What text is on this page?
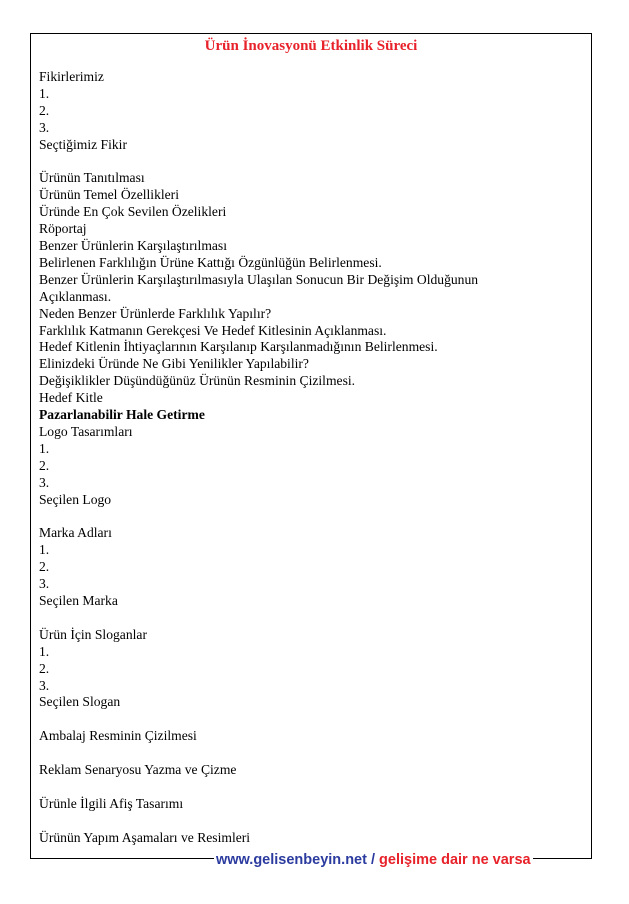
Ürün İnovasyonü Etkinlik Süreci
Fikirlerimiz
1.
2.
3.
Seçtiğimiz Fikir
Ürünün Tanıtılması
Ürünün Temel Özellikleri
Üründe En Çok Sevilen Özelikleri
Röportaj
Benzer Ürünlerin Karşılaştırılması
Belirlenen Farklılığın Ürüne Kattığı Özgünlüğün Belirlenmesi.
Benzer Ürünlerin Karşılaştırılmasıyla Ulaşılan Sonucun Bir Değişim Olduğunun
Açıklanması.
Neden Benzer Ürünlerde Farklılık Yapılır?
Farklılık Katmanın Gerekçesi Ve Hedef Kitlesinin Açıklanması.
Hedef Kitlenin İhtiyaçlarının Karşılanıp Karşılanmadığının Belirlenmesi.
Elinizdeki Üründe Ne Gibi Yenilikler Yapılabilir?
Değişiklikler Düşündüğünüz Ürünün Resminin Çizilmesi.
Hedef Kitle
Pazarlanabilir Hale Getirme
Logo Tasarımları
1.
2.
3.
Seçilen Logo
Marka Adları
1.
2.
3.
Seçilen Marka
Ürün İçin Sloganlar
1.
2.
3.
Seçilen Slogan
Ambalaj Resminin Çizilmesi
Reklam Senaryosu Yazma ve Çizme
Ürünle İlgili Afiş Tasarımı
Ürünün Yapım Aşamaları ve Resimleri
www.gelisenbeyin.net / gelişime dair ne varsa
